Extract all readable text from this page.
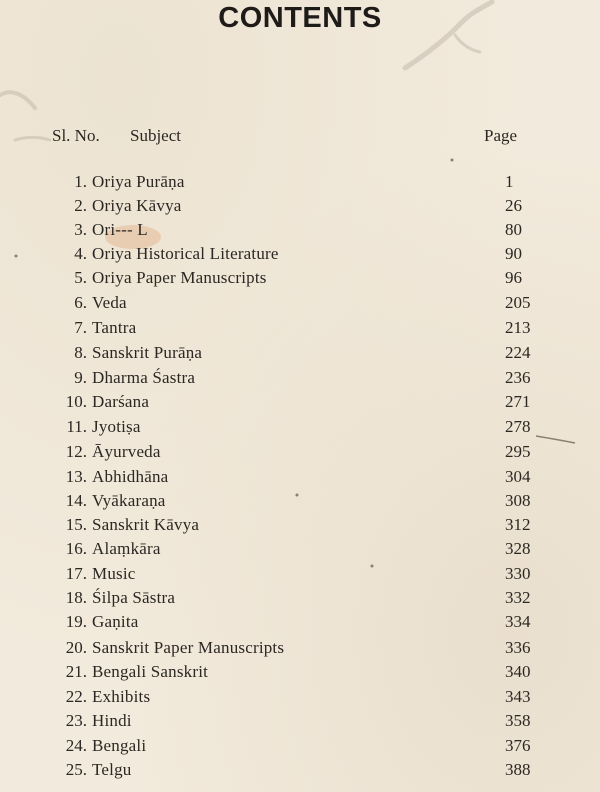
CONTENTS
Sl. No. Subject	Page
1. Oriya Purāṇa	1
2. Oriya Kāvya	26
3. Ori--- L	80
4. Oriya Historical Literature	90
5. Oriya Paper Manuscripts	96
6. Veda	205
7. Tantra	213
8. Sanskrit Purāṇa	224
9. Dharma Śastra	236
10. Darśana	271
11. Jyotiṣa	278
12. Āyurveda	295
13. Abhidhāna	304
14. Vyākaraṇa	308
15. Sanskrit Kāvya	312
16. Alaṃkāra	328
17. Music	330
18. Śilpa Sāstra	332
19. Gaṇita	334
20. Sanskrit Paper Manuscripts	336
21. Bengali Sanskrit	340
22. Exhibits	343
23. Hindi	358
24. Bengali	376
25. Telgu	388
